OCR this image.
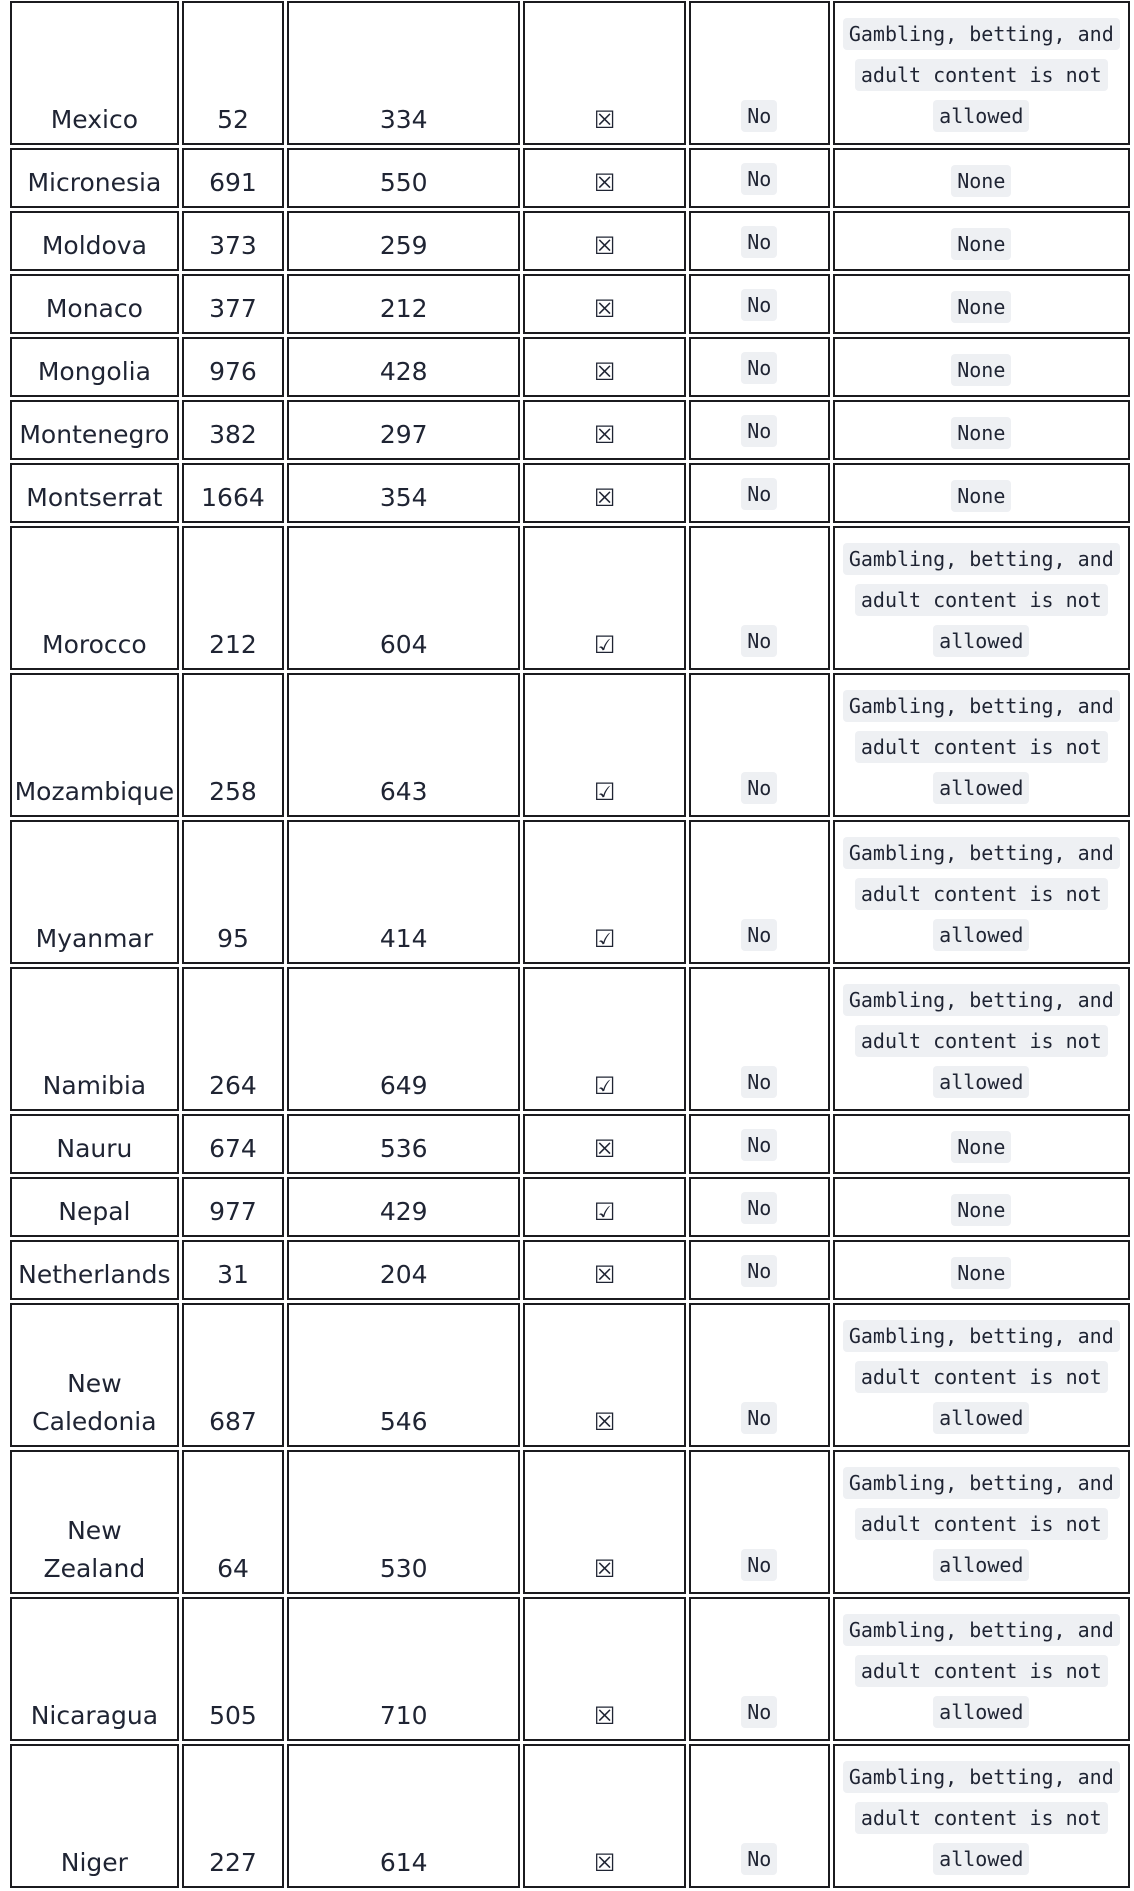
Mexico	52	334	☒	No	Gambling, betting, and adult content is not allowed
Micronesia	691	550	☒	No	None
Moldova	373	259	☒	No	None
Monaco	377	212	☒	No	None
Mongolia	976	428	☒	No	None
Montenegro	382	297	☒	No	None
Montserrat	1664	354	☒	No	None
Morocco	212	604	☑	No	Gambling, betting, and adult content is not allowed
Mozambique	258	643	☑	No	Gambling, betting, and adult content is not allowed
Myanmar	95	414	☑	No	Gambling, betting, and adult content is not allowed
Namibia	264	649	☑	No	Gambling, betting, and adult content is not allowed
Nauru	674	536	☒	No	None
Nepal	977	429	☑	No	None
Netherlands	31	204	☒	No	None
New Caledonia	687	546	☒	No	Gambling, betting, and adult content is not allowed
New Zealand	64	530	☒	No	Gambling, betting, and adult content is not allowed
Nicaragua	505	710	☒	No	Gambling, betting, and adult content is not allowed
Niger	227	614	☒	No	Gambling, betting, and adult content is not allowed
